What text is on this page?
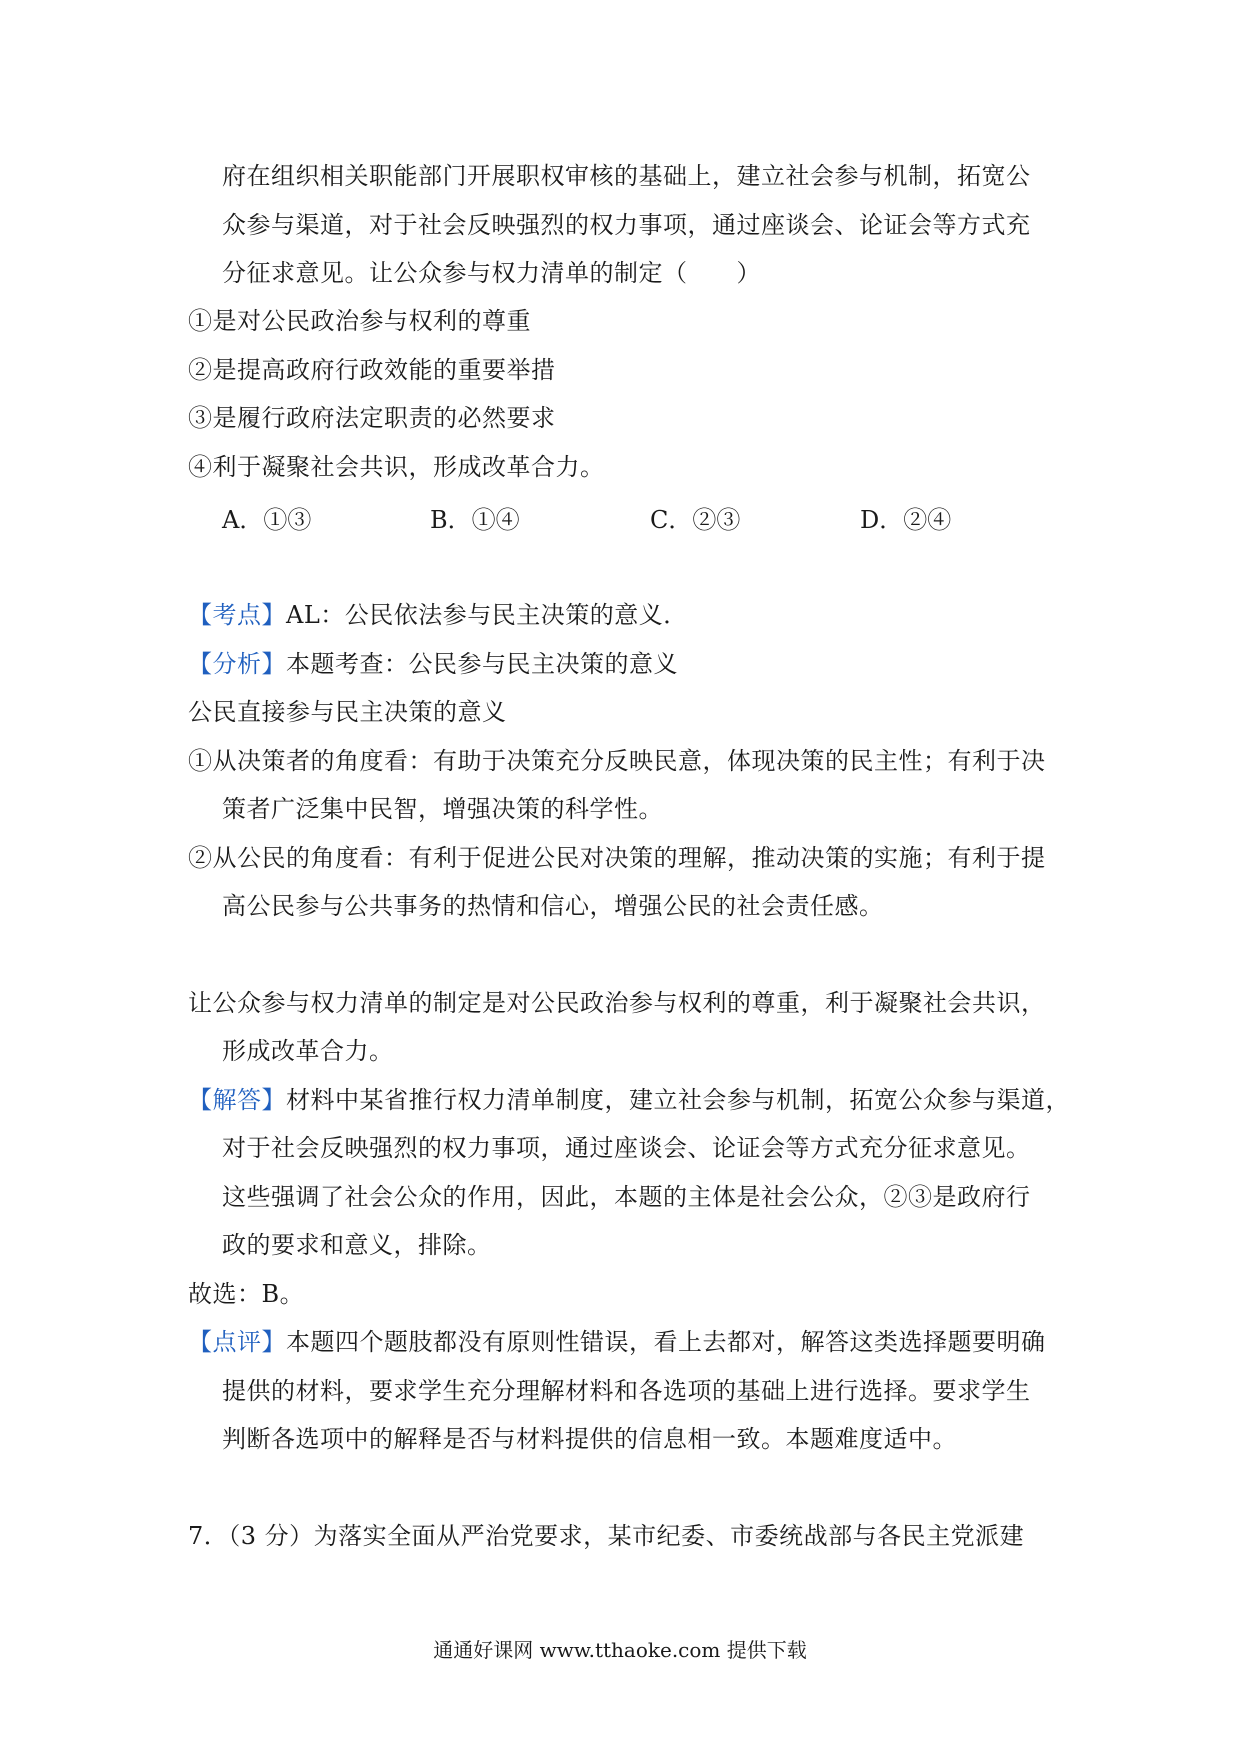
府在组织相关职能部门开展职权审核的基础上，建立社会参与机制，拓宽公
众参与渠道，对于社会反映强烈的权力事项，通过座谈会、论证会等方式充
分征求意见。让公众参与权力清单的制定（　　）
①是对公民政治参与权利的尊重
②是提高政府行政效能的重要举措
③是履行政府法定职责的必然要求
④利于凝聚社会共识，形成改革合力。
A．①③	B．①④	C．②③	D．②④
【考点】AL：公民依法参与民主决策的意义．
【分析】本题考查：公民参与民主决策的意义
公民直接参与民主决策的意义
①从决策者的角度看：有助于决策充分反映民意，体现决策的民主性；有利于决
策者广泛集中民智，增强决策的科学性。
②从公民的角度看：有利于促进公民对决策的理解，推动决策的实施；有利于提
高公民参与公共事务的热情和信心，增强公民的社会责任感。
让公众参与权力清单的制定是对公民政治参与权利的尊重，利于凝聚社会共识，
形成改革合力。
【解答】材料中某省推行权力清单制度，建立社会参与机制，拓宽公众参与渠道，
对于社会反映强烈的权力事项，通过座谈会、论证会等方式充分征求意见。
这些强调了社会公众的作用，因此，本题的主体是社会公众，②③是政府行
政的要求和意义，排除。
故选：B。
【点评】本题四个题肢都没有原则性错误，看上去都对，解答这类选择题要明确
提供的材料，要求学生充分理解材料和各选项的基础上进行选择。要求学生
判断各选项中的解释是否与材料提供的信息相一致。本题难度适中。
7．（3 分）为落实全面从严治党要求，某市纪委、市委统战部与各民主党派建
通通好课网 www.tthaoke.com 提供下载
